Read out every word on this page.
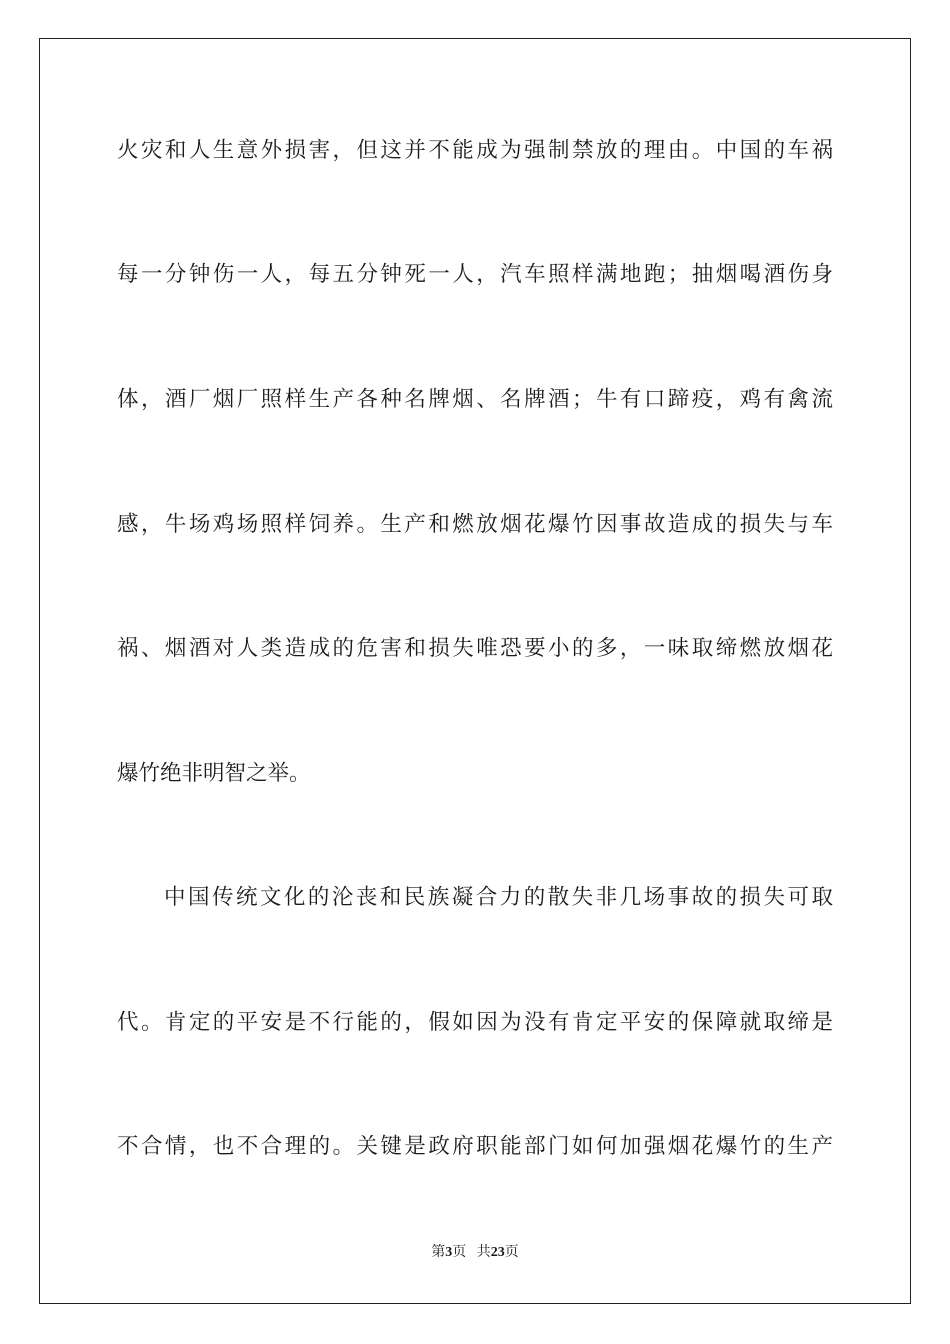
火灾和人生意外损害，但这并不能成为强制禁放的理由。中国的车祸
每一分钟伤一人，每五分钟死一人，汽车照样满地跑；抽烟喝酒伤身
体，酒厂烟厂照样生产各种名牌烟、名牌酒；牛有口蹄疫，鸡有禽流
感，牛场鸡场照样饲养。生产和燃放烟花爆竹因事故造成的损失与车
祸、烟酒对人类造成的危害和损失唯恐要小的多，一味取缔燃放烟花
爆竹绝非明智之举。
中国传统文化的沦丧和民族凝合力的散失非几场事故的损失可取
代。肯定的平安是不行能的，假如因为没有肯定平安的保障就取缔是
不合情，也不合理的。关键是政府职能部门如何加强烟花爆竹的生产
第3页 共23页
